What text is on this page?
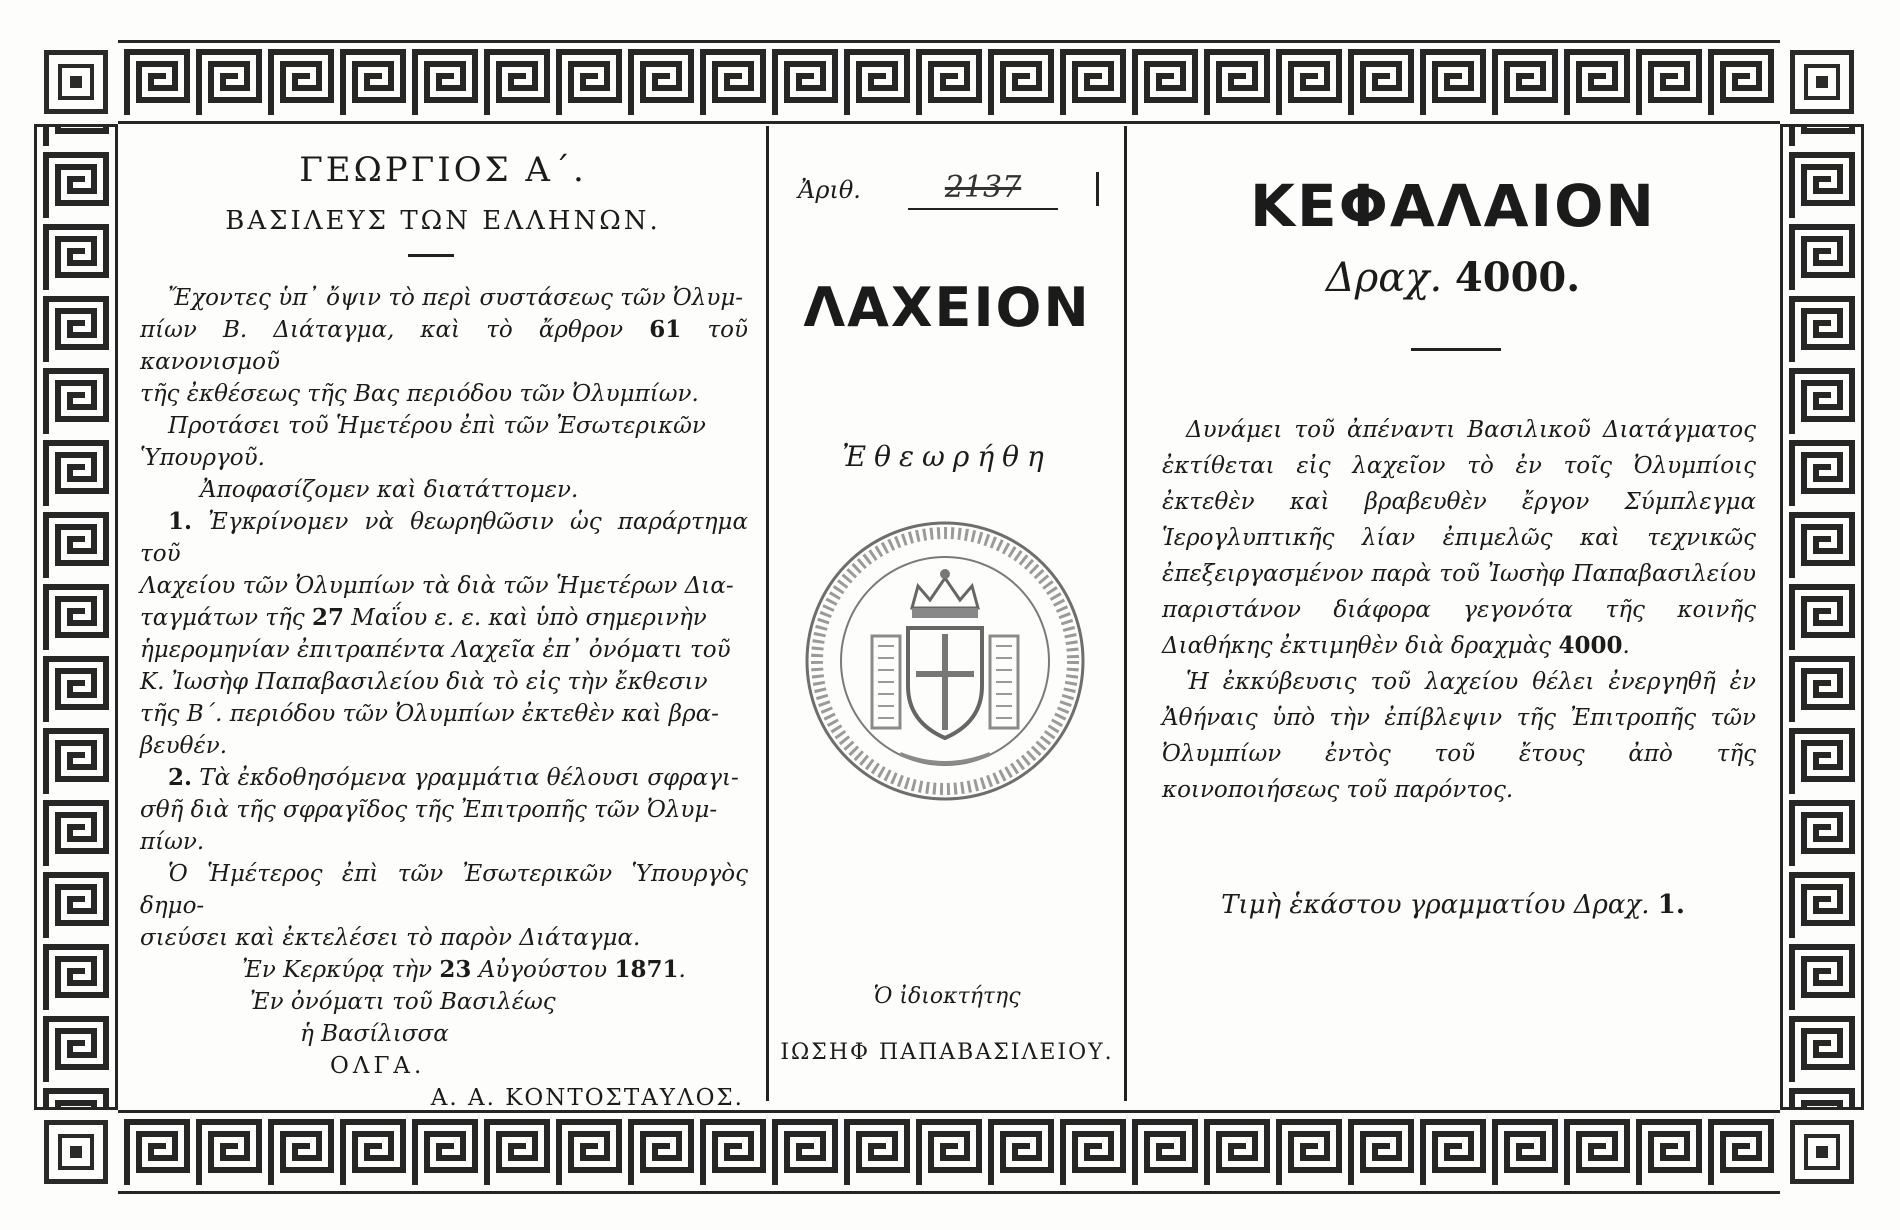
ΓΕΩΡΓΙΟΣ Α΄.
ΒΑΣΙΛΕΥΣ ΤΩΝ ΕΛΛΗΝΩΝ.

Ἔχοντες ὑπ᾽ ὄψιν τὸ περὶ συστάσεως τῶν Ὀλυμ-

πίων Β. Διάταγμα, καὶ τὸ ἄρθρον 61 τοῦ κανονισμοῦ

τῆς ἐκθέσεως τῆς Βας περιόδου τῶν Ὀλυμπίων.

Προτάσει τοῦ Ἡμετέρου ἐπὶ τῶν Ἐσωτερικῶν

Ὑπουργοῦ.

Ἀποφασίζομεν καὶ διατάττομεν.

1. Ἐγκρίνομεν νὰ θεωρηθῶσιν ὡς παράρτημα τοῦ

Λαχείου τῶν Ὀλυμπίων τὰ διὰ τῶν Ἡμετέρων Δια-

ταγμάτων τῆς 27 Μαΐου ε. ε. καὶ ὑπὸ σημερινὴν

ἡμερομηνίαν ἐπιτραπέντα Λαχεῖα ἐπ᾽ ὀνόματι τοῦ

Κ. Ἰωσὴφ Παπαβασιλείου διὰ τὸ εἰς τὴν ἔκθεσιν

τῆς Β΄. περιόδου τῶν Ὀλυμπίων ἐκτεθὲν καὶ βρα-

βευθέν.

2. Τὰ ἐκδοθησόμενα γραμμάτια θέλουσι σφραγι-

σθῆ διὰ τῆς σφραγῖδος τῆς Ἐπιτροπῆς τῶν Ὀλυμ-

πίων.

Ὁ Ἡμέτερος ἐπὶ τῶν Ἐσωτερικῶν Ὑπουργὸς δημο-

σιεύσει καὶ ἐκτελέσει τὸ παρὸν Διάταγμα.

Ἐν Κερκύρᾳ τὴν 23 Αὐγούστου 1871.

Ἐν ὀνόματι τοῦ Βασιλέως

ἡ Βασίλισσα

ΟΛΓΑ.

Α. Α. ΚΟΝΤΟΣΤΑΥΛΟΣ.

Ἀριθ.	2137
ΛΑΧΕΙΟΝ
Ἐθεωρήθη
Ὁ ἰδιοκτήτης
ΙΩΣΗΦ ΠΑΠΑΒΑΣΙΛΕΙΟΥ.
ΚΕΦΑΛΑΙΟΝ
Δραχ. 4000.

Δυνάμει τοῦ ἀπέναντι Βασιλικοῦ Διατάγματος ἐκτίθεται εἰς λαχεῖον τὸ ἐν τοῖς Ὀλυμπίοις ἐκτεθὲν καὶ βραβευθὲν ἔργον Σύμπλεγμα Ἱερογλυπτικῆς λίαν ἐπιμελῶς καὶ τεχνικῶς ἐπεξειργασμένον παρὰ τοῦ Ἰωσὴφ Παπαβασιλείου παριστάνον διάφορα γεγονότα τῆς κοινῆς Διαθήκης ἐκτιμηθὲν διὰ δραχμὰς 4000.

Ἡ ἐκκύβευσις τοῦ λαχείου θέλει ἐνεργηθῆ ἐν Ἀθήναις ὑπὸ τὴν ἐπίβλεψιν τῆς Ἐπιτροπῆς τῶν Ὀλυμπίων ἐντὸς τοῦ ἔτους ἀπὸ τῆς κοινοποιήσεως τοῦ παρόντος.

Τιμὴ ἑκάστου γραμματίου Δραχ. 1.
